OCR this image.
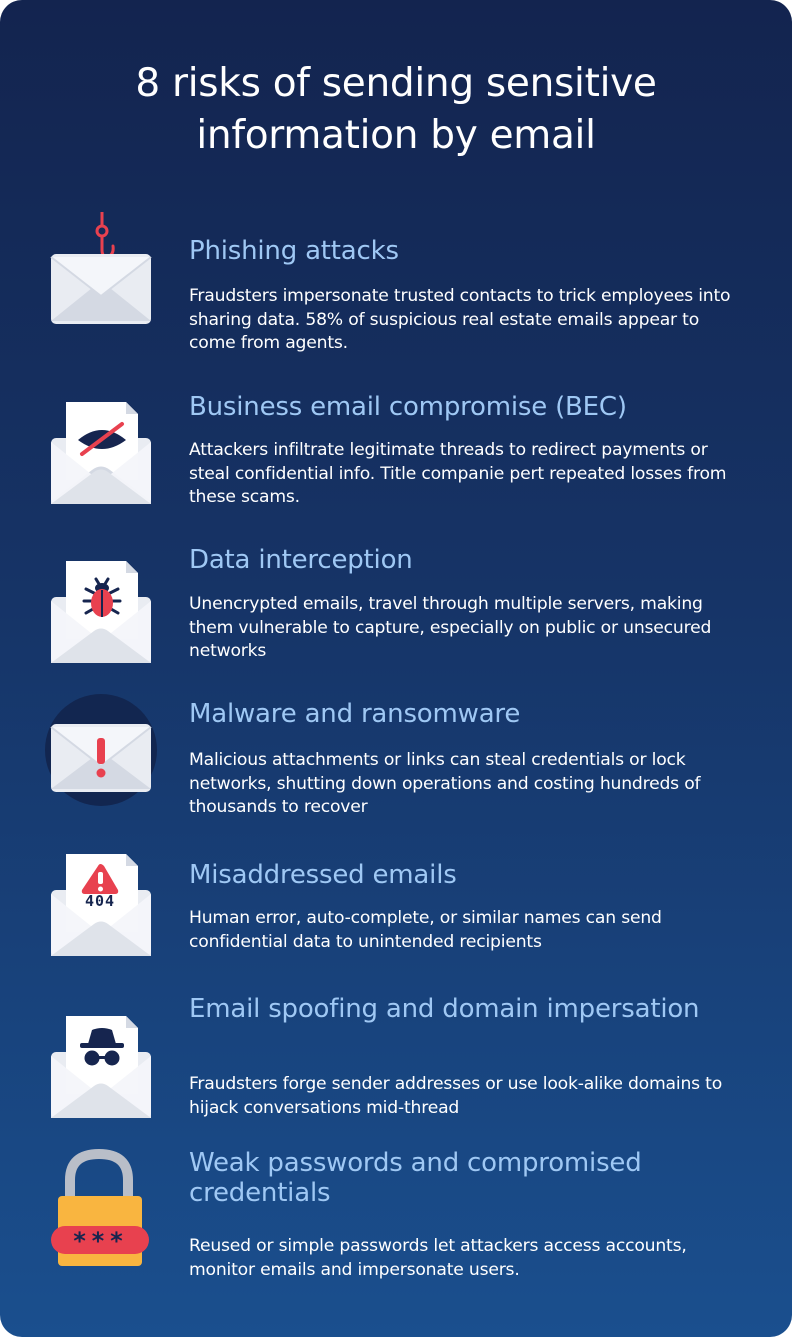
8 risks of sending sensitive information by email
Phishing attacks
Fraudsters impersonate trusted contacts to trick employees into sharing data. 58% of suspicious real estate emails appear to come from agents.
Business email compromise (BEC)
Attackers infiltrate legitimate threads to redirect payments or steal confidential info. Title companie pert repeated losses from these scams.
Data interception
Unencrypted emails, travel through multiple servers, making them vulnerable to capture, especially on public or unsecured networks
Malware and ransomware
Malicious attachments or links can steal credentials or lock networks, shutting down operations and costing hundreds of thousands to recover
404
Misaddressed emails
Human error, auto-complete, or similar names can send confidential data to unintended recipients
Email spoofing and domain impersation
Fraudsters forge sender addresses or use look-alike domains to hijack conversations mid-thread
***
Weak passwords and compromised credentials
Reused or simple passwords let attackers access accounts, monitor emails and impersonate users.
